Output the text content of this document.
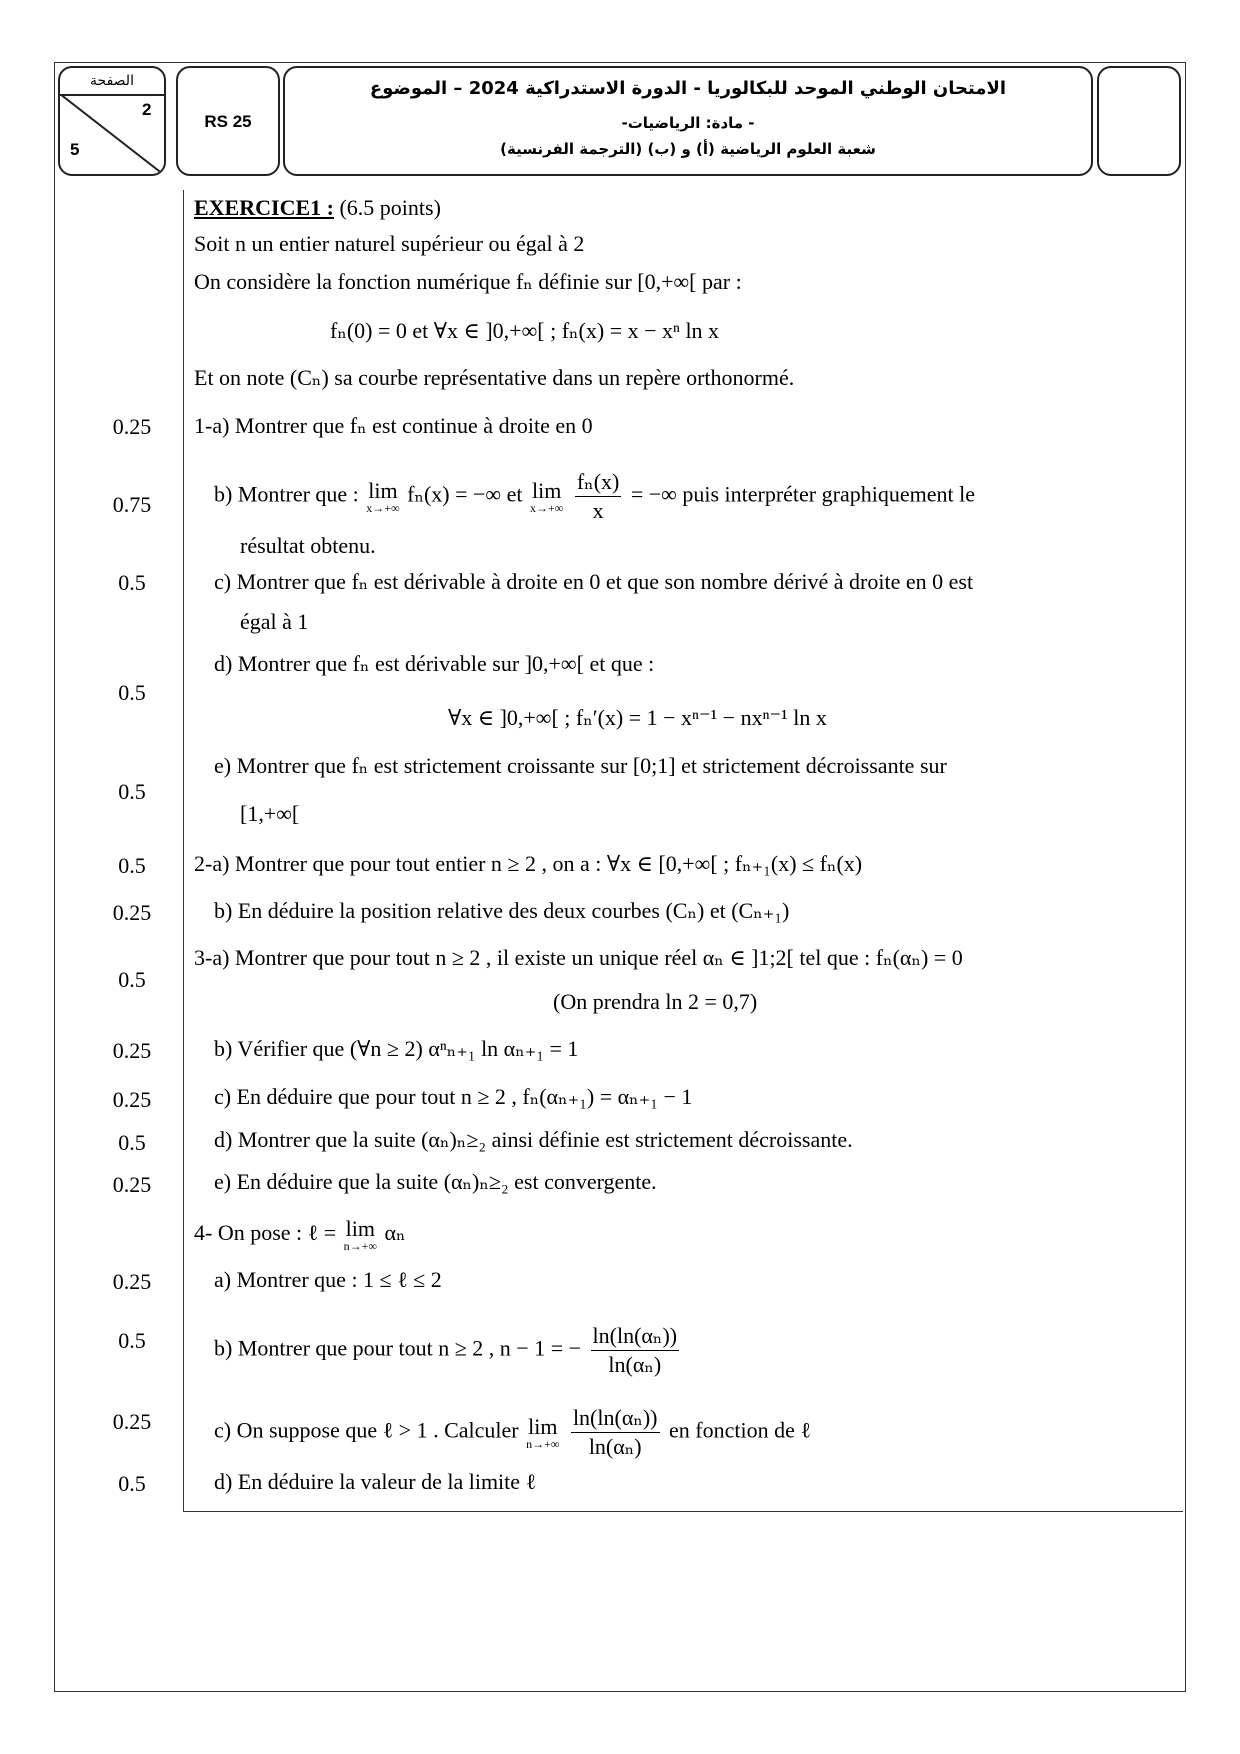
الصفحة
2
5
RS 25
الامتحان الوطني الموحد للبكالوريا - الدورة الاستدراكية 2024 – الموضوع
- مادة: الرياضيات-
شعبة العلوم الرياضية (أ) و (ب) (الترجمة الفرنسية)
0.25
0.75
0.5
0.5
0.5
0.5
0.25
0.5
0.25
0.25
0.5
0.25
0.25
0.5
0.25
0.5
EXERCICE1 : (6.5 points)
Soit n un entier naturel supérieur ou égal à 2
On considère la fonction numérique fₙ définie sur [0,+∞[ par :
fₙ(0) = 0 et ∀x ∈ ]0,+∞[ ; fₙ(x) = x − xⁿ ln x
Et on note (Cₙ) sa courbe représentative dans un repère orthonormé.
1-a) Montrer que fₙ est continue à droite en 0
b) Montrer que : lim
x→+∞
fₙ(x) = −∞ et lim
x→+∞
$\frac{\text{fₙ(x)}}{x}$ = −∞ puis interpréter graphiquement le
résultat obtenu.
c) Montrer que fₙ est dérivable à droite en 0 et que son nombre dérivé à droite en 0 est
égal à 1
d) Montrer que fₙ est dérivable sur ]0,+∞[ et que :
∀x ∈ ]0,+∞[ ; fₙ′(x) = 1 − xⁿ⁻¹ − nxⁿ⁻¹ ln x
e) Montrer que fₙ est strictement croissante sur [0;1] et strictement décroissante sur
[1,+∞[
2-a) Montrer que pour tout entier n ≥ 2 , on a : ∀x ∈ [0,+∞[ ; fₙ₊₁(x) ≤ fₙ(x)
b) En déduire la position relative des deux courbes (Cₙ) et (Cₙ₊₁)
3-a) Montrer que pour tout n ≥ 2 , il existe un unique réel αₙ ∈ ]1;2[ tel que : fₙ(αₙ) = 0
(On prendra ln 2 = 0,7)
b) Vérifier que (∀n ≥ 2) αⁿₙ₊₁ ln αₙ₊₁ = 1
c) En déduire que pour tout n ≥ 2 , fₙ(αₙ₊₁) = αₙ₊₁ − 1
d) Montrer que la suite (αₙ)ₙ≥₂ ainsi définie est strictement décroissante.
e) En déduire que la suite (αₙ)ₙ≥₂ est convergente.
4- On pose : ℓ = lim
n→+∞
αₙ
a) Montrer que : 1 ≤ ℓ ≤ 2
b) Montrer que pour tout n ≥ 2 , n − 1 = − $\frac{\text{ln(ln(αₙ))}}{\text{ln(αₙ)}}$
c) On suppose que ℓ > 1 . Calculer lim
n→+∞
$\frac{\text{ln(ln(αₙ))}}{\text{ln(αₙ)}}$ en fonction de ℓ
d) En déduire la valeur de la limite ℓ
